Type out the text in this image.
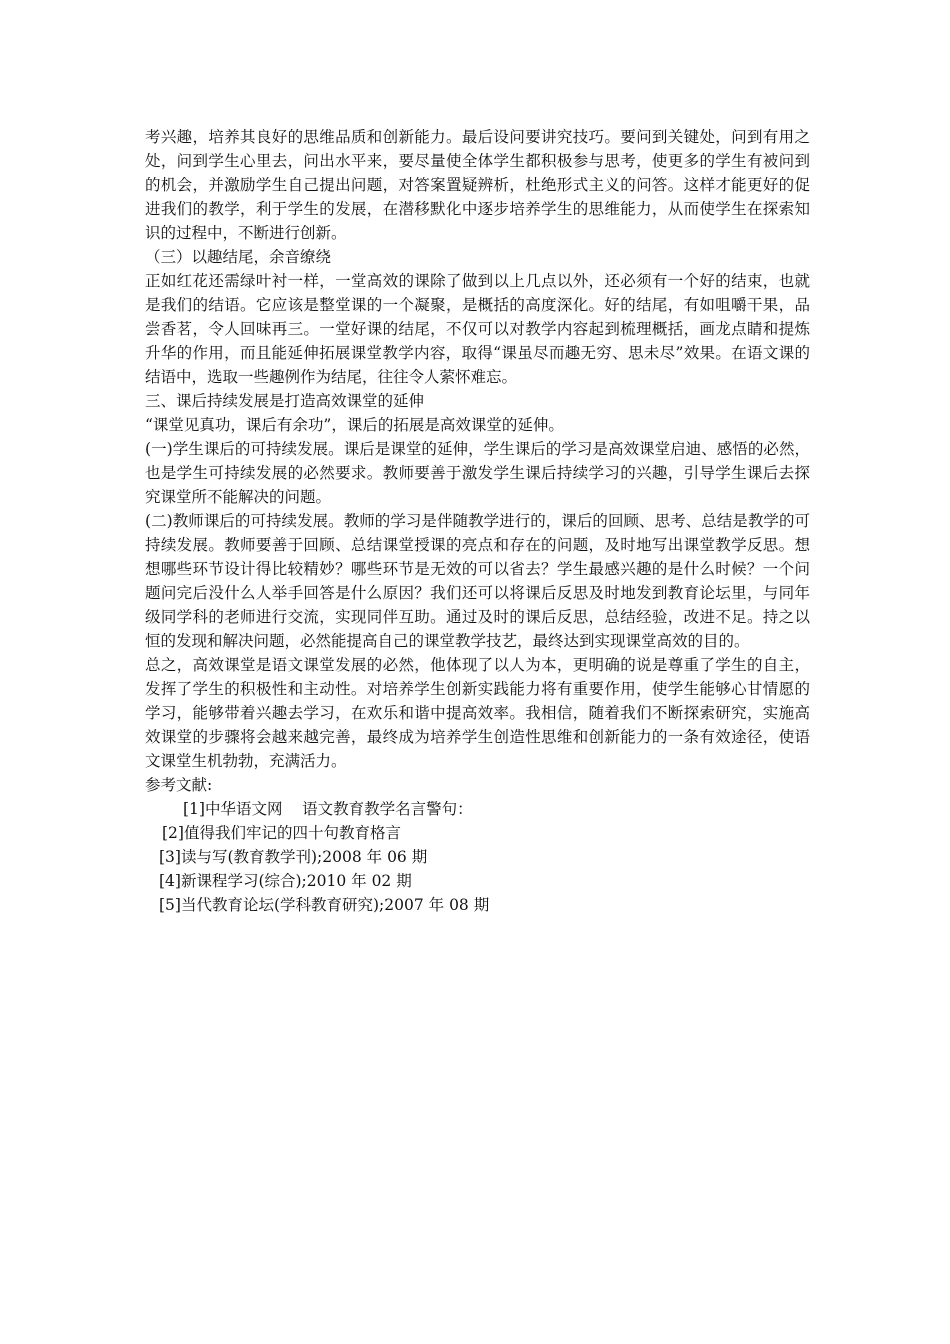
考兴趣，培养其良好的思维品质和创新能力。最后设问要讲究技巧。要问到关键处，问到有用之处，问到学生心里去，问出水平来，要尽量使全体学生都积极参与思考，使更多的学生有被问到的机会，并激励学生自己提出问题，对答案置疑辨析，杜绝形式主义的问答。这样才能更好的促进我们的教学，利于学生的发展，在潜移默化中逐步培养学生的思维能力，从而使学生在探索知识的过程中，不断进行创新。

（三）以趣结尾，余音缭绕

正如红花还需绿叶衬一样，一堂高效的课除了做到以上几点以外，还必须有一个好的结束，也就是我们的结语。它应该是整堂课的一个凝聚，是概括的高度深化。好的结尾，有如咀嚼干果，品尝香茗，令人回味再三。一堂好课的结尾，不仅可以对教学内容起到梳理概括，画龙点睛和提炼升华的作用，而且能延伸拓展课堂教学内容，取得“课虽尽而趣无穷、思未尽”效果。在语文课的结语中，选取一些趣例作为结尾，往往令人萦怀难忘。

三、课后持续发展是打造高效课堂的延伸

“课堂见真功，课后有余功”，课后的拓展是高效课堂的延伸。

(一)学生课后的可持续发展。课后是课堂的延伸，学生课后的学习是高效课堂启迪、感悟的必然，也是学生可持续发展的必然要求。教师要善于激发学生课后持续学习的兴趣，引导学生课后去探究课堂所不能解决的问题。

(二)教师课后的可持续发展。教师的学习是伴随教学进行的，课后的回顾、思考、总结是教学的可持续发展。教师要善于回顾、总结课堂授课的亮点和存在的问题，及时地写出课堂教学反思。想想哪些环节设计得比较精妙？哪些环节是无效的可以省去？学生最感兴趣的是什么时候？一个问题问完后没什么人举手回答是什么原因？我们还可以将课后反思及时地发到教育论坛里，与同年级同学科的老师进行交流，实现同伴互助。通过及时的课后反思，总结经验，改进不足。持之以恒的发现和解决问题，必然能提高自己的课堂教学技艺，最终达到实现课堂高效的目的。

总之，高效课堂是语文课堂发展的必然，他体现了以人为本，更明确的说是尊重了学生的自主，发挥了学生的积极性和主动性。对培养学生创新实践能力将有重要作用，使学生能够心甘情愿的学习，能够带着兴趣去学习，在欢乐和谐中提高效率。我相信，随着我们不断探索研究，实施高效课堂的步骤将会越来越完善，最终成为培养学生创造性思维和创新能力的一条有效途径，使语文课堂生机勃勃，充满活力。

参考文献:

[1]中华语文网    语文教育教学名言警句：

[2]值得我们牢记的四十句教育格言

[3]读与写(教育教学刊);2008 年 06 期

[4]新课程学习(综合);2010 年 02 期

[5]当代教育论坛(学科教育研究);2007 年 08 期
